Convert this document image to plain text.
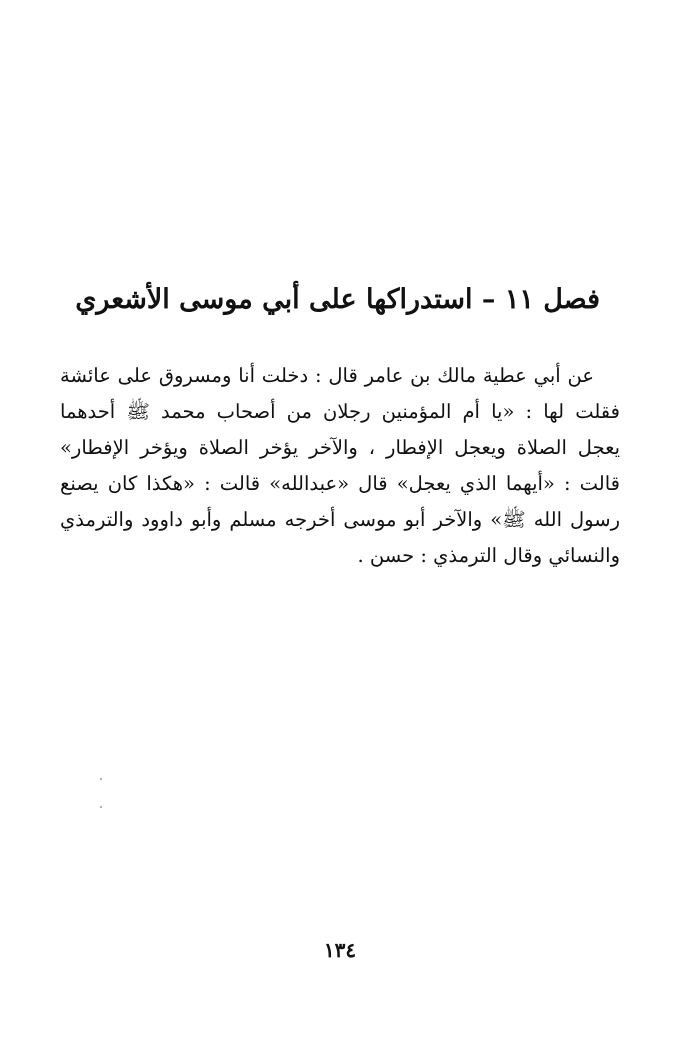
فصل ١١ – استدراكها على أبي موسى الأشعري
عن أبي عطية مالك بن عامر قال : دخلت أنا ومسروق على عائشة
فقلت لها : «يا أم المؤمنين رجلان من أصحاب محمد ﷺ أحدهما
يعجل الصلاة ويعجل الإفطار ، والآخر يؤخر الصلاة ويؤخر الإفطار»
قالت : «أيهما الذي يعجل» قال «عبدالله» قالت : «هكذا كان يصنع
رسول الله ﷺ» والآخر أبو موسى أخرجه مسلم وأبو داوود والترمذي
والنسائي وقال الترمذي : حسن .
١٣٤
